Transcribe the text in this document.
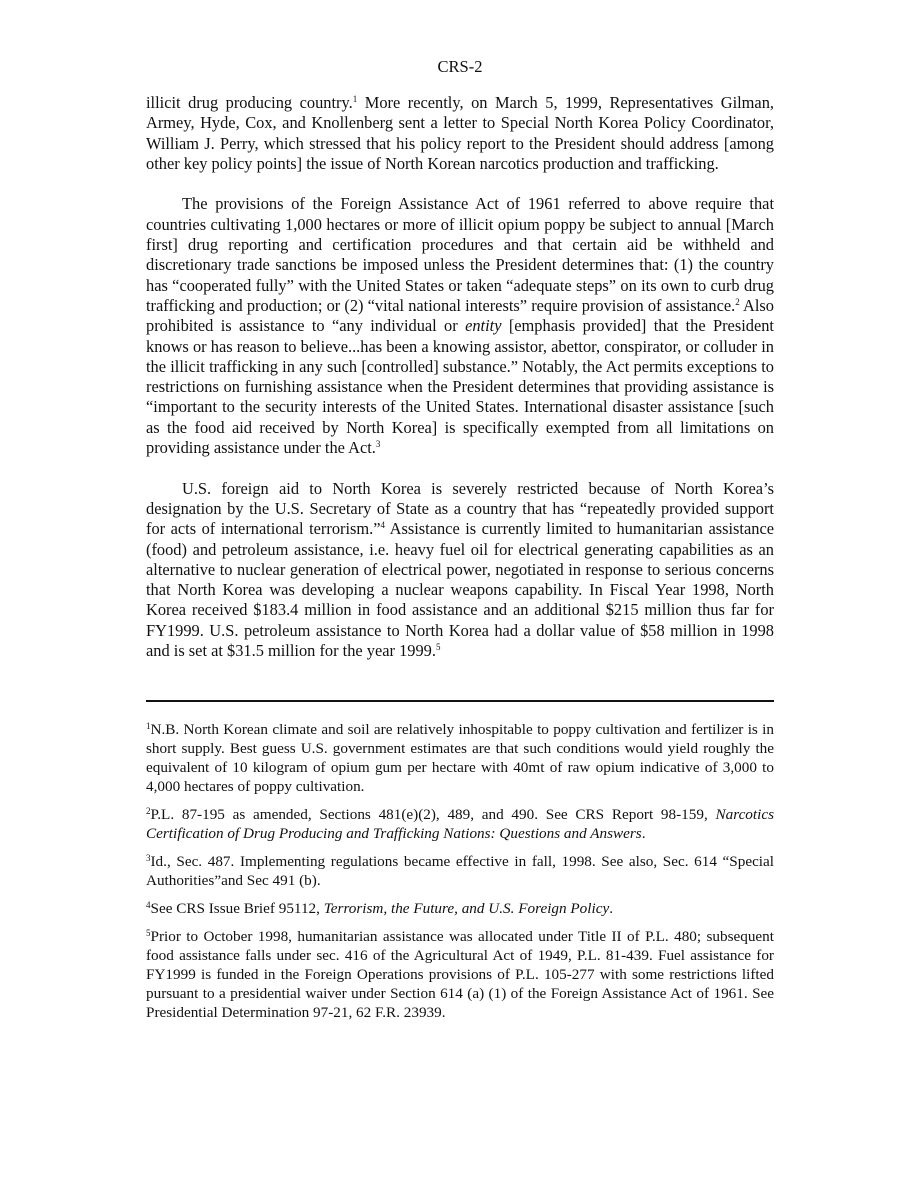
CRS-2

illicit drug producing country.$^1$ More recently, on March 5, 1999, Representatives Gilman, Armey, Hyde, Cox, and Knollenberg sent a letter to Special North Korea Policy Coordinator, William J. Perry, which stressed that his policy report to the President should address [among other key policy points] the issue of North Korean narcotics production and trafficking.

The provisions of the Foreign Assistance Act of 1961 referred to above require that countries cultivating 1,000 hectares or more of illicit opium poppy be subject to annual [March first] drug reporting and certification procedures and that certain aid be withheld and discretionary trade sanctions be imposed unless the President determines that: (1) the country has “cooperated fully” with the United States or taken “adequate steps” on its own to curb drug trafficking and production; or (2) “vital national interests” require provision of assistance.$^2$ Also prohibited is assistance to “any individual or entity [emphasis provided] that the President knows or has reason to believe...has been a knowing assistor, abettor, conspirator, or colluder in the illicit trafficking in any such [controlled] substance.” Notably, the Act permits exceptions to restrictions on furnishing assistance when the President determines that providing assistance is “important to the security interests of the United States. International disaster assistance [such as the food aid received by North Korea] is specifically exempted from all limitations on providing assistance under the Act.$^3$

U.S. foreign aid to North Korea is severely restricted because of North Korea’s designation by the U.S. Secretary of State as a country that has “repeatedly provided support for acts of international terrorism.”$^4$ Assistance is currently limited to humanitarian assistance (food) and petroleum assistance, i.e. heavy fuel oil for electrical generating capabilities as an alternative to nuclear generation of electrical power, negotiated in response to serious concerns that North Korea was developing a nuclear weapons capability. In Fiscal Year 1998, North Korea received $183.4 million in food assistance and an additional $215 million thus far for FY1999. U.S. petroleum assistance to North Korea had a dollar value of $58 million in 1998 and is set at $31.5 million for the year 1999.$^5$

$^1$N.B. North Korean climate and soil are relatively inhospitable to poppy cultivation and fertilizer is in short supply. Best guess U.S. government estimates are that such conditions would yield roughly the equivalent of 10 kilogram of opium gum per hectare with 40mt of raw opium indicative of 3,000 to 4,000 hectares of poppy cultivation.

$^2$P.L. 87-195 as amended, Sections 481(e)(2), 489, and 490. See CRS Report 98-159, Narcotics Certification of Drug Producing and Trafficking Nations: Questions and Answers.

$^3$Id., Sec. 487. Implementing regulations became effective in fall, 1998. See also, Sec. 614 “Special Authorities”and Sec 491 (b).

$^4$See CRS Issue Brief 95112, Terrorism, the Future, and U.S. Foreign Policy.

$^5$Prior to October 1998, humanitarian assistance was allocated under Title II of P.L. 480; subsequent food assistance falls under sec. 416 of the Agricultural Act of 1949, P.L. 81-439. Fuel assistance for FY1999 is funded in the Foreign Operations provisions of P.L. 105-277 with some restrictions lifted pursuant to a presidential waiver under Section 614 (a) (1) of the Foreign Assistance Act of 1961. See Presidential Determination 97-21, 62 F.R. 23939.
